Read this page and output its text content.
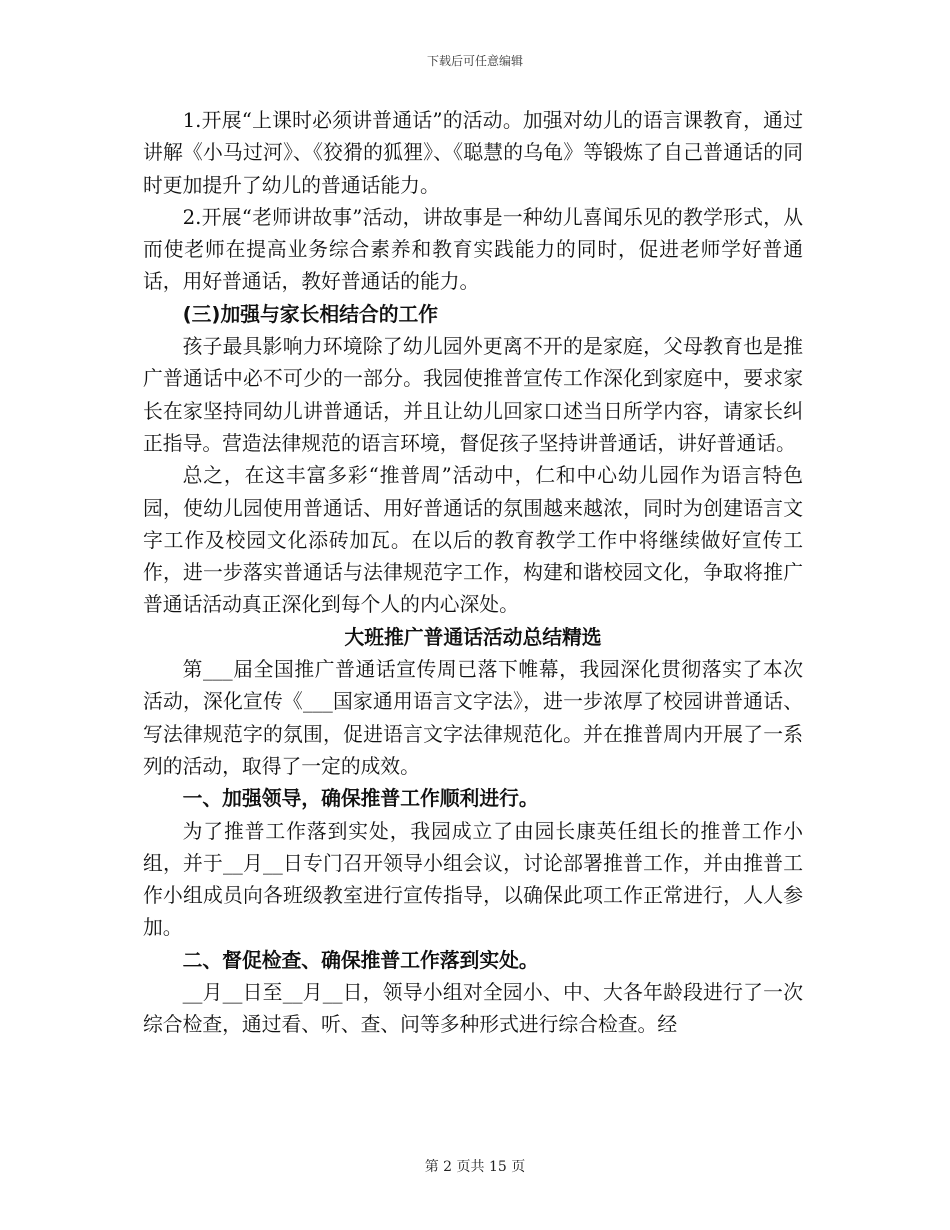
下载后可任意编辑

1.开展“上课时必须讲普通话”的活动。加强对幼儿的语言课教育，通过讲解《小马过河》、《狡猾的狐狸》、《聪慧的乌龟》等锻炼了自己普通话的同时更加提升了幼儿的普通话能力。

2.开展“老师讲故事”活动，讲故事是一种幼儿喜闻乐见的教学形式，从而使老师在提高业务综合素养和教育实践能力的同时，促进老师学好普通话，用好普通话，教好普通话的能力。

(三)加强与家长相结合的工作

孩子最具影响力环境除了幼儿园外更离不开的是家庭，父母教育也是推广普通话中必不可少的一部分。我园使推普宣传工作深化到家庭中，要求家长在家坚持同幼儿讲普通话，并且让幼儿回家口述当日所学内容，请家长纠正指导。营造法律规范的语言环境，督促孩子坚持讲普通话，讲好普通话。

总之，在这丰富多彩“推普周”活动中，仁和中心幼儿园作为语言特色园，使幼儿园使用普通话、用好普通话的氛围越来越浓，同时为创建语言文字工作及校园文化添砖加瓦。在以后的教育教学工作中将继续做好宣传工作，进一步落实普通话与法律规范字工作，构建和谐校园文化，争取将推广普通话活动真正深化到每个人的内心深处。

大班推广普通话活动总结精选

第___届全国推广普通话宣传周已落下帷幕，我园深化贯彻落实了本次活动，深化宣传《___国家通用语言文字法》，进一步浓厚了校园讲普通话、写法律规范字的氛围，促进语言文字法律规范化。并在推普周内开展了一系列的活动，取得了一定的成效。

一、加强领导，确保推普工作顺利进行。

为了推普工作落到实处，我园成立了由园长康英任组长的推普工作小组，并于__月__日专门召开领导小组会议，讨论部署推普工作，并由推普工作小组成员向各班级教室进行宣传指导，以确保此项工作正常进行，人人参加。

二、督促检查、确保推普工作落到实处。

__月__日至__月__日，领导小组对全园小、中、大各年龄段进行了一次综合检查，通过看、听、查、问等多种形式进行综合检查。经

第 2 页共 15 页
